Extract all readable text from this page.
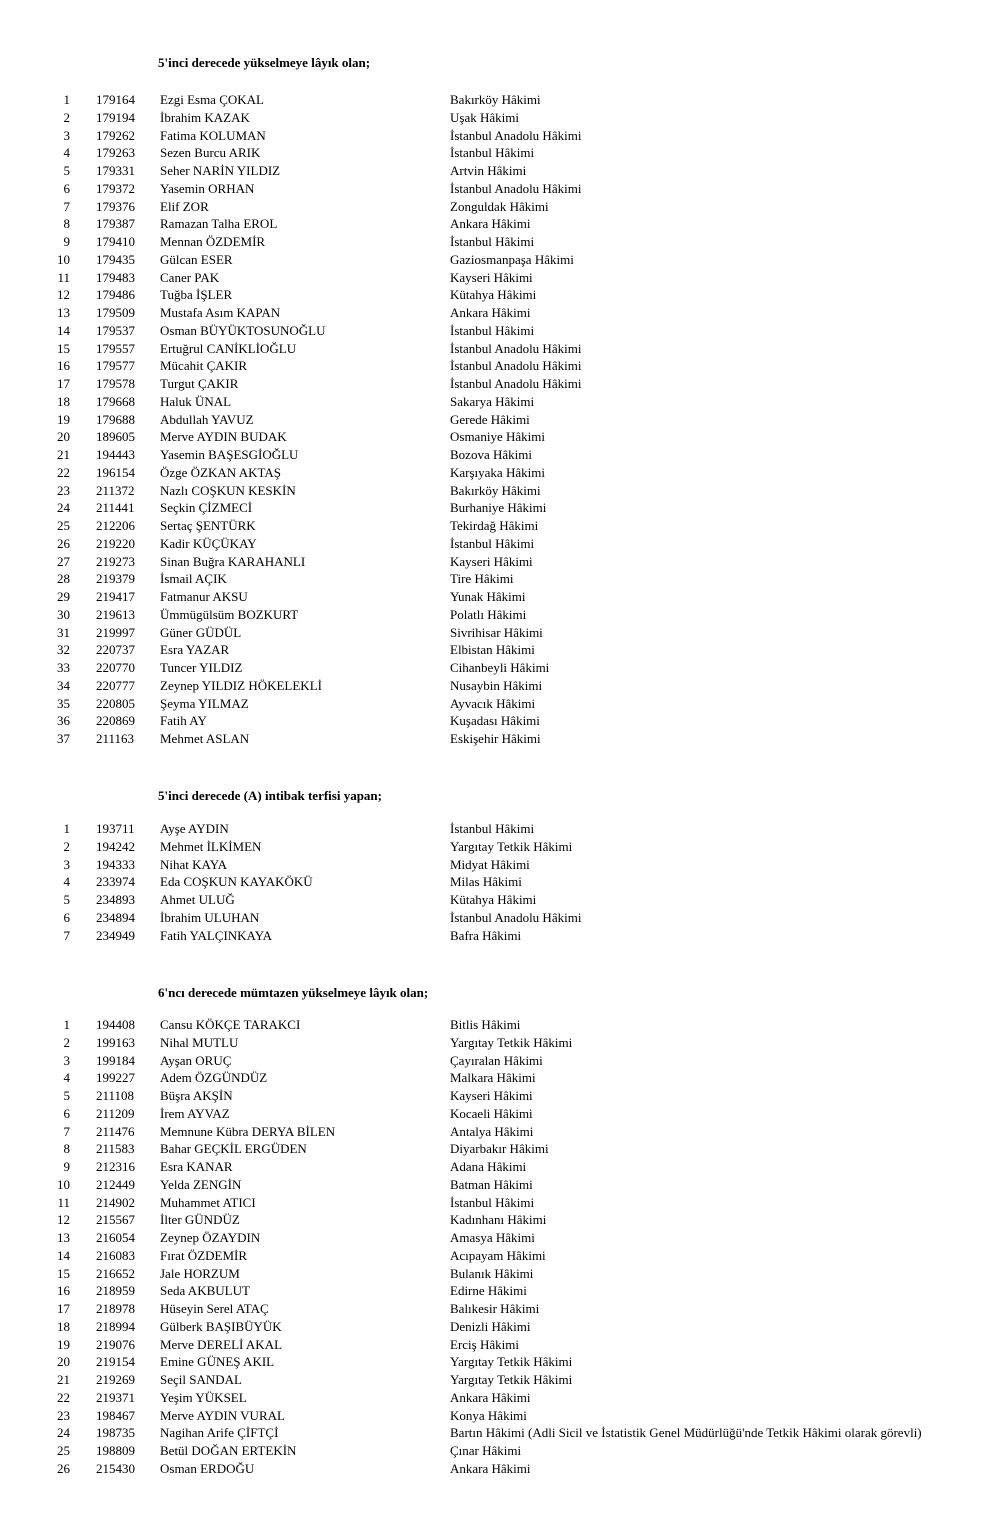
5'inci derecede yükselmeye lâyık olan;
1 179164 Ezgi Esma ÇOKAL	Bakırköy Hâkimi
2 179194 İbrahim KAZAK	Uşak Hâkimi
3 179262 Fatima KOLUMAN	İstanbul Anadolu Hâkimi
4 179263 Sezen Burcu ARIK	İstanbul Hâkimi
5 179331 Seher NARİN YILDIZ	Artvin Hâkimi
6 179372 Yasemin ORHAN	İstanbul Anadolu Hâkimi
7 179376 Elif ZOR	Zonguldak Hâkimi
8 179387 Ramazan Talha EROL	Ankara Hâkimi
9 179410 Mennan ÖZDEMİR	İstanbul Hâkimi
10 179435 Gülcan ESER	Gaziosmanpaşa Hâkimi
11 179483 Caner PAK	Kayseri Hâkimi
12 179486 Tuğba İŞLER	Kütahya Hâkimi
13 179509 Mustafa Asım KAPAN	Ankara Hâkimi
14 179537 Osman BÜYÜKTOSUNOĞLU	İstanbul Hâkimi
15 179557 Ertuğrul CANİKLİOĞLU	İstanbul Anadolu Hâkimi
16 179577 Mücahit ÇAKIR	İstanbul Anadolu Hâkimi
17 179578 Turgut ÇAKIR	İstanbul Anadolu Hâkimi
18 179668 Haluk ÜNAL	Sakarya Hâkimi
19 179688 Abdullah YAVUZ	Gerede Hâkimi
20 189605 Merve AYDIN BUDAK	Osmaniye Hâkimi
21 194443 Yasemin BAŞESGİOĞLU	Bozova Hâkimi
22 196154 Özge ÖZKAN AKTAŞ	Karşıyaka Hâkimi
23 211372 Nazlı COŞKUN KESKİN	Bakırköy Hâkimi
24 211441 Seçkin ÇİZMECİ	Burhaniye Hâkimi
25 212206 Sertaç ŞENTÜRK	Tekirdağ Hâkimi
26 219220 Kadir KÜÇÜKAY	İstanbul Hâkimi
27 219273 Sinan Buğra KARAHANLI	Kayseri Hâkimi
28 219379 İsmail AÇIK	Tire Hâkimi
29 219417 Fatmanur AKSU	Yunak Hâkimi
30 219613 Ümmügülsüm BOZKURT	Polatlı Hâkimi
31 219997 Güner GÜDÜL	Sivrihisar Hâkimi
32 220737 Esra YAZAR	Elbistan Hâkimi
33 220770 Tuncer YILDIZ	Cihanbeyli Hâkimi
34 220777 Zeynep YILDIZ HÖKELEKLİ	Nusaybin Hâkimi
35 220805 Şeyma YILMAZ	Ayvacık Hâkimi
36 220869 Fatih AY	Kuşadası Hâkimi
37 211163 Mehmet ASLAN	Eskişehir Hâkimi
5'inci derecede (A) intibak terfisi yapan;
1 193711 Ayşe AYDIN	İstanbul Hâkimi
2 194242 Mehmet İLKİMEN	Yargıtay Tetkik Hâkimi
3 194333 Nihat KAYA	Midyat Hâkimi
4 233974 Eda COŞKUN KAYAKÖKÜ	Milas Hâkimi
5 234893 Ahmet ULUĞ	Kütahya Hâkimi
6 234894 İbrahim ULUHAN	İstanbul Anadolu Hâkimi
7 234949 Fatih YALÇINKAYA	Bafra Hâkimi
6'ncı derecede mümtazen yükselmeye lâyık olan;
1 194408 Cansu KÖKÇE TARAKCI	Bitlis Hâkimi
2 199163 Nihal MUTLU	Yargıtay Tetkik Hâkimi
3 199184 Ayşan ORUÇ	Çayıralan Hâkimi
4 199227 Adem ÖZGÜNDÜZ	Malkara Hâkimi
5 211108 Büşra AKŞİN	Kayseri Hâkimi
6 211209 İrem AYVAZ	Kocaeli Hâkimi
7 211476 Memnune Kübra DERYA BİLEN	Antalya Hâkimi
8 211583 Bahar GEÇKİL ERGÜDEN	Diyarbakır Hâkimi
9 212316 Esra KANAR	Adana Hâkimi
10 212449 Yelda ZENGİN	Batman Hâkimi
11 214902 Muhammet ATICI	İstanbul Hâkimi
12 215567 İlter GÜNDÜZ	Kadınhanı Hâkimi
13 216054 Zeynep ÖZAYDIN	Amasya Hâkimi
14 216083 Fırat ÖZDEMİR	Acıpayam Hâkimi
15 216652 Jale HORZUM	Bulanık Hâkimi
16 218959 Seda AKBULUT	Edirne Hâkimi
17 218978 Hüseyin Serel ATAÇ	Balıkesir Hâkimi
18 218994 Gülberk BAŞIBÜYÜK	Denizli Hâkimi
19 219076 Merve DERELİ AKAL	Erciş Hâkimi
20 219154 Emine GÜNEŞ AKIL	Yargıtay Tetkik Hâkimi
21 219269 Seçil SANDAL	Yargıtay Tetkik Hâkimi
22 219371 Yeşim YÜKSEL	Ankara Hâkimi
23 198467 Merve AYDIN VURAL	Konya Hâkimi
24 198735 Nagihan Arife ÇİFTÇİ	Bartın Hâkimi (Adli Sicil ve İstatistik Genel Müdürlüğü'nde Tetkik Hâkimi olarak görevli)
25 198809 Betül DOĞAN ERTEKİN	Çınar Hâkimi
26 215430 Osman ERDOĞU	Ankara Hâkimi
